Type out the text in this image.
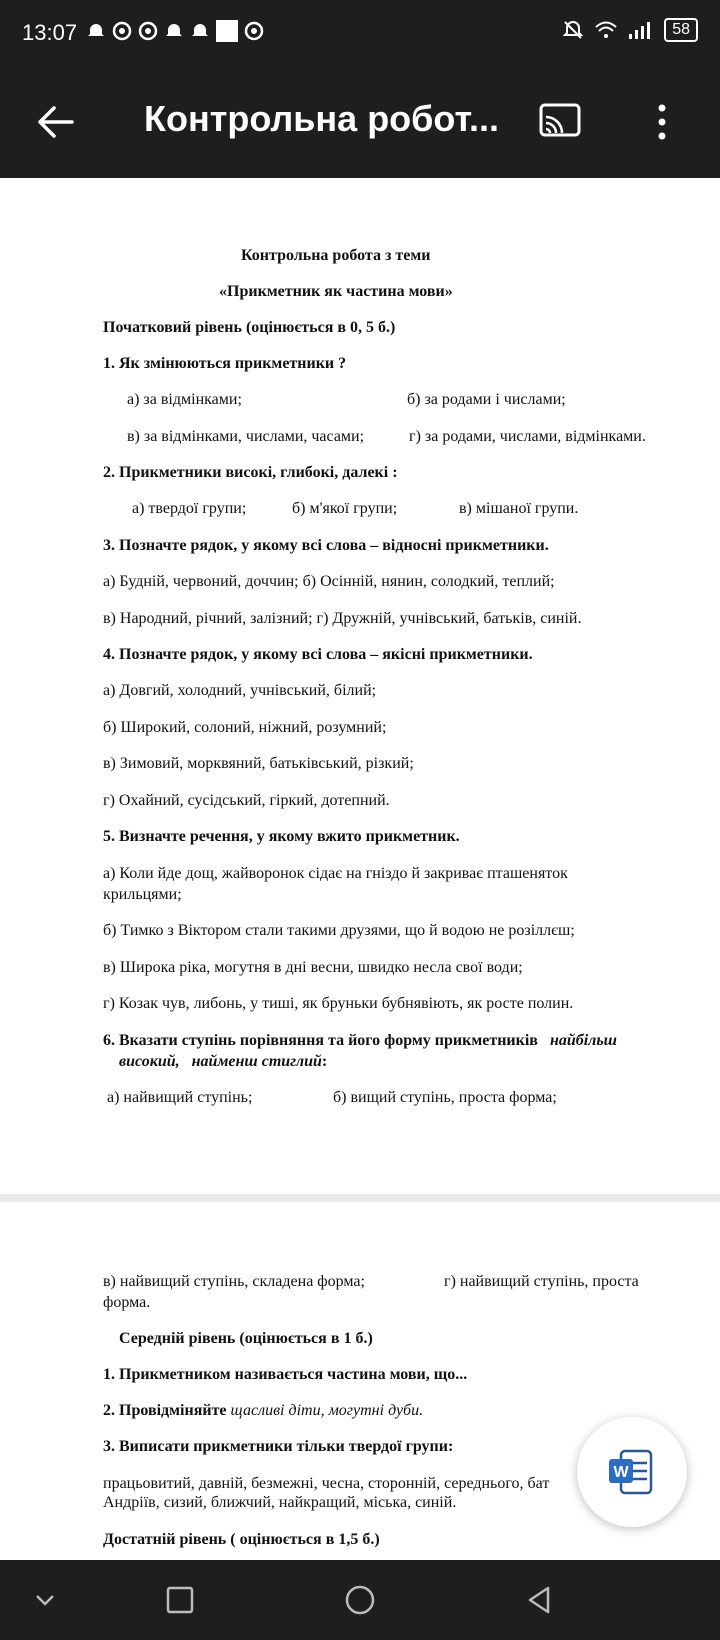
13:07	58
Контрольна робот...
Контрольна робота з теми
«Прикметник як частина мови»
Початковий рівень (оцінюється в 0, 5 б.)
1. Як змінюються прикметники ?
а) за відмінками;	б) за родами і числами;
в) за відмінками, числами, часами;	г) за родами, числами, відмінками.
2. Прикметники високі, глибокі, далекі :
а) твердої групи;	б) м'якої групи;	в) мішаної групи.
3. Позначте рядок, у якому всі слова – відносні прикметники.
а) Будній, червоний, доччин; б) Осінній, нянин, солодкий, теплий;
в) Народний, річний, залізний; г) Дружній, учнівський, батьків, синій.
4. Позначте рядок, у якому всі слова – якісні прикметники.
а) Довгий, холодний, учнівський, білий;
б) Широкий, солоний, ніжний, розумний;
в) Зимовий, морквяний, батьківський, різкий;
г) Охайний, сусідський, гіркий, дотепний.
5. Визначте речення, у якому вжито прикметник.
а) Коли йде дощ, жайворонок сідає на гніздо й закриває пташеняток
крильцями;
б) Тимко з Віктором стали такими друзями, що й водою не розіллєш;
в) Широка ріка, могутня в дні весни, швидко несла свої води;
г) Козак чув, либонь, у тиші, як бруньки бубнявіють, як росте полин.
6. Вказати ступінь порівняння та його форму прикметників найбільш
високий, найменш стиглий:
а) найвищий ступінь;	б) вищий ступінь, проста форма;
в) найвищий ступінь, складена форма;	г) найвищий ступінь, проста
форма.
Середній рівень (оцінюється в 1 б.)
1. Прикметником називається частина мови, що...
2. Провідміняйте щасливі діти, могутні дуби.
3. Виписати прикметники тільки твердої групи:
працьовитий, давній, безмежні, чесна, сторонній, середнього, бат
Андріїв, сизий, ближчий, найкращий, міська, синій.
Достатній рівень ( оцінюється в 1,5 б.)
W
